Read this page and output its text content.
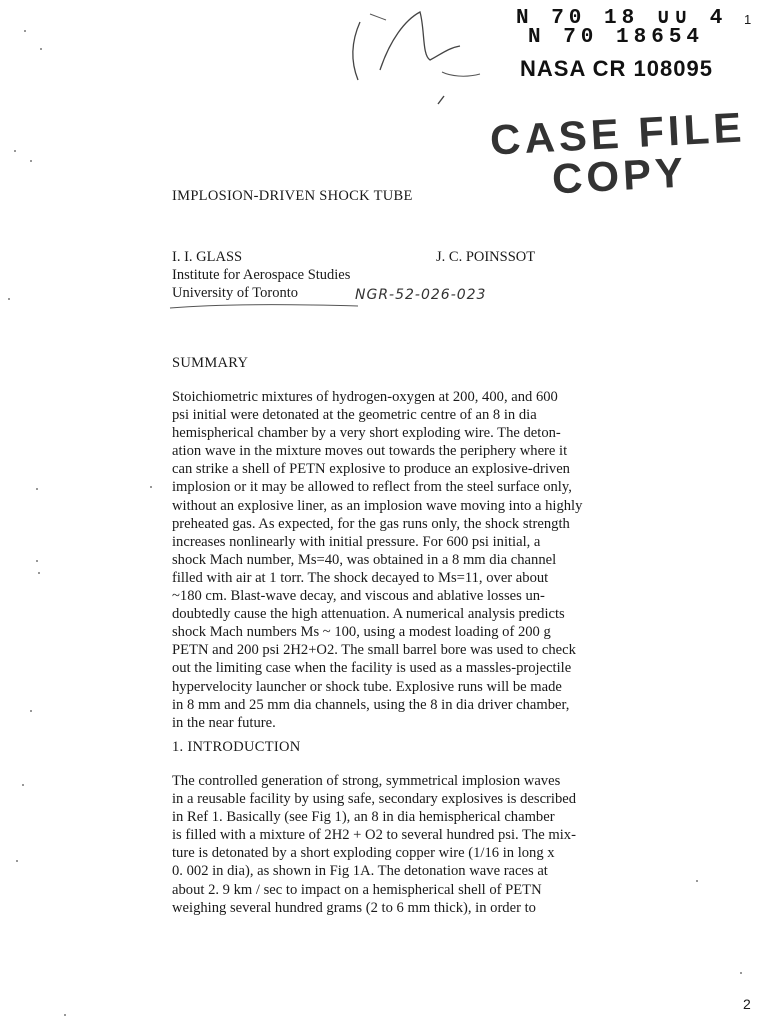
N 70 18 ∪∪ 4
N 70 18654
NASA CR 108095
1
CASE FILE
COPY
IMPLOSION-DRIVEN SHOCK TUBE
I. I. GLASS	J. C. POINSSOT
Institute for Aerospace Studies
University of Toronto	NGR-52-026-023
SUMMARY

Stoichiometric mixtures of hydrogen-oxygen at 200, 400, and 600

psi initial were detonated at the geometric centre of an 8 in dia

hemispherical chamber by a very short exploding wire. The deton-

ation wave in the mixture moves out towards the periphery where it

can strike a shell of PETN explosive to produce an explosive-driven

implosion or it may be allowed to reflect from the steel surface only,

without an explosive liner, as an implosion wave moving into a highly

preheated gas. As expected, for the gas runs only, the shock strength

increases nonlinearly with initial pressure. For 600 psi initial, a

shock Mach number, Ms=40, was obtained in a 8 mm dia channel

filled with air at 1 torr. The shock decayed to Ms=11, over about

~180 cm. Blast-wave decay, and viscous and ablative losses un-

doubtedly cause the high attenuation. A numerical analysis predicts

shock Mach numbers Ms ~ 100, using a modest loading of 200 g

PETN and 200 psi 2H2+O2. The small barrel bore was used to check

out the limiting case when the facility is used as a massles-projectile

hypervelocity launcher or shock tube. Explosive runs will be made

in 8 mm and 25 mm dia channels, using the 8 in dia driver chamber,

in the near future.

1. INTRODUCTION

The controlled generation of strong, symmetrical implosion waves

in a reusable facility by using safe, secondary explosives is described

in Ref 1. Basically (see Fig 1), an 8 in dia hemispherical chamber

is filled with a mixture of 2H2 + O2 to several hundred psi. The mix-

ture is detonated by a short exploding copper wire (1/16 in long x

0. 002 in dia), as shown in Fig 1A. The detonation wave races at

about 2. 9 km / sec to impact on a hemispherical shell of PETN

weighing several hundred grams (2 to 6 mm thick), in order to

2
